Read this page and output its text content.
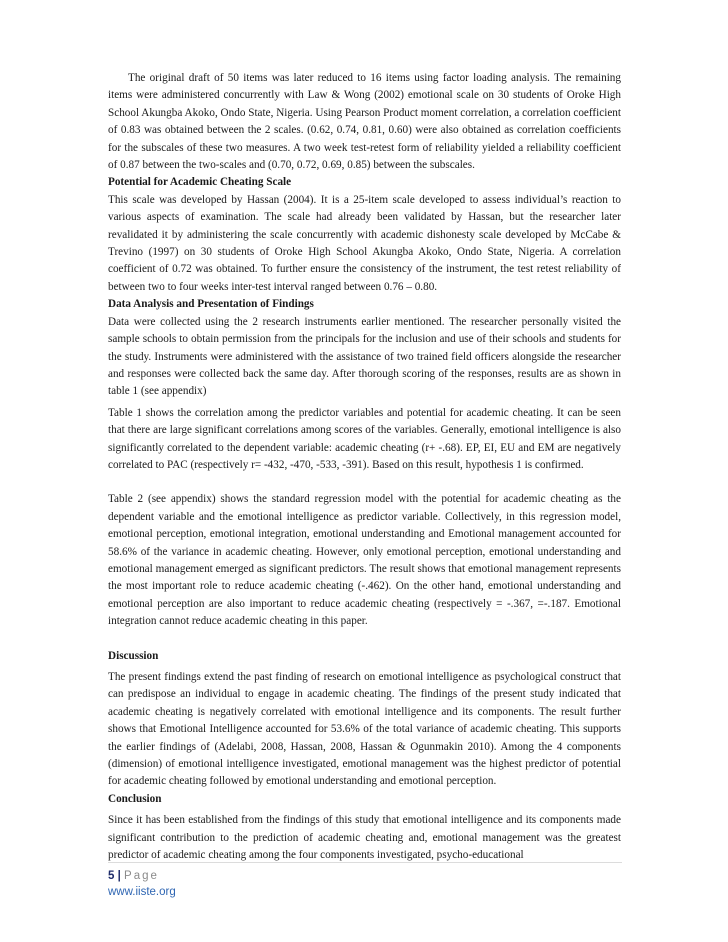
The original draft of 50 items was later reduced to 16 items using factor loading analysis. The remaining items were administered concurrently with Law & Wong (2002) emotional scale on 30 students of Oroke High School Akungba Akoko, Ondo State, Nigeria. Using Pearson Product moment correlation, a correlation coefficient of 0.83 was obtained between the 2 scales. (0.62, 0.74, 0.81, 0.60) were also obtained as correlation coefficients for the subscales of these two measures. A two week test-retest form of reliability yielded a reliability coefficient of 0.87 between the two-scales and (0.70, 0.72, 0.69, 0.85) between the subscales.

Potential for Academic Cheating Scale

This scale was developed by Hassan (2004). It is a 25-item scale developed to assess individual’s reaction to various aspects of examination. The scale had already been validated by Hassan, but the researcher later revalidated it by administering the scale concurrently with academic dishonesty scale developed by McCabe & Trevino (1997) on 30 students of Oroke High School Akungba Akoko, Ondo State, Nigeria. A correlation coefficient of 0.72 was obtained. To further ensure the consistency of the instrument, the test retest reliability of between two to four weeks inter-test interval ranged between 0.76 – 0.80.

Data Analysis and Presentation of Findings

Data were collected using the 2 research instruments earlier mentioned. The researcher personally visited the sample schools to obtain permission from the principals for the inclusion and use of their schools and students for the study. Instruments were administered with the assistance of two trained field officers alongside the researcher and responses were collected back the same day. After thorough scoring of the responses, results are as shown in table 1 (see appendix)

Table 1 shows the correlation among the predictor variables and potential for academic cheating. It can be seen that there are large significant correlations among scores of the variables. Generally, emotional intelligence is also significantly correlated to the dependent variable: academic cheating (r+ -.68). EP, EI, EU and EM are negatively correlated to PAC (respectively r= -432, -470, -533, -391). Based on this result, hypothesis 1 is confirmed.

Table 2 (see appendix) shows the standard regression model with the potential for academic cheating as the dependent variable and the emotional intelligence as predictor variable. Collectively, in this regression model, emotional perception, emotional integration, emotional understanding and Emotional management accounted for 58.6% of the variance in academic cheating. However, only emotional perception, emotional understanding and emotional management emerged as significant predictors. The result shows that emotional management represents the most important role to reduce academic cheating (-.462). On the other hand, emotional understanding and emotional perception are also important to reduce academic cheating (respectively = -.367, =-.187. Emotional integration cannot reduce academic cheating in this paper.

Discussion

The present findings extend the past finding of research on emotional intelligence as psychological construct that can predispose an individual to engage in academic cheating. The findings of the present study indicated that academic cheating is negatively correlated with emotional intelligence and its components. The result further shows that Emotional Intelligence accounted for 53.6% of the total variance of academic cheating. This supports the earlier findings of (Adelabi, 2008, Hassan, 2008, Hassan & Ogunmakin 2010). Among the 4 components (dimension) of emotional intelligence investigated, emotional management was the highest predictor of potential for academic cheating followed by emotional understanding and emotional perception.

Conclusion

Since it has been established from the findings of this study that emotional intelligence and its components made significant contribution to the prediction of academic cheating and, emotional management was the greatest predictor of academic cheating among the four components investigated, psycho-educational

5 | Page
www.iiste.org
